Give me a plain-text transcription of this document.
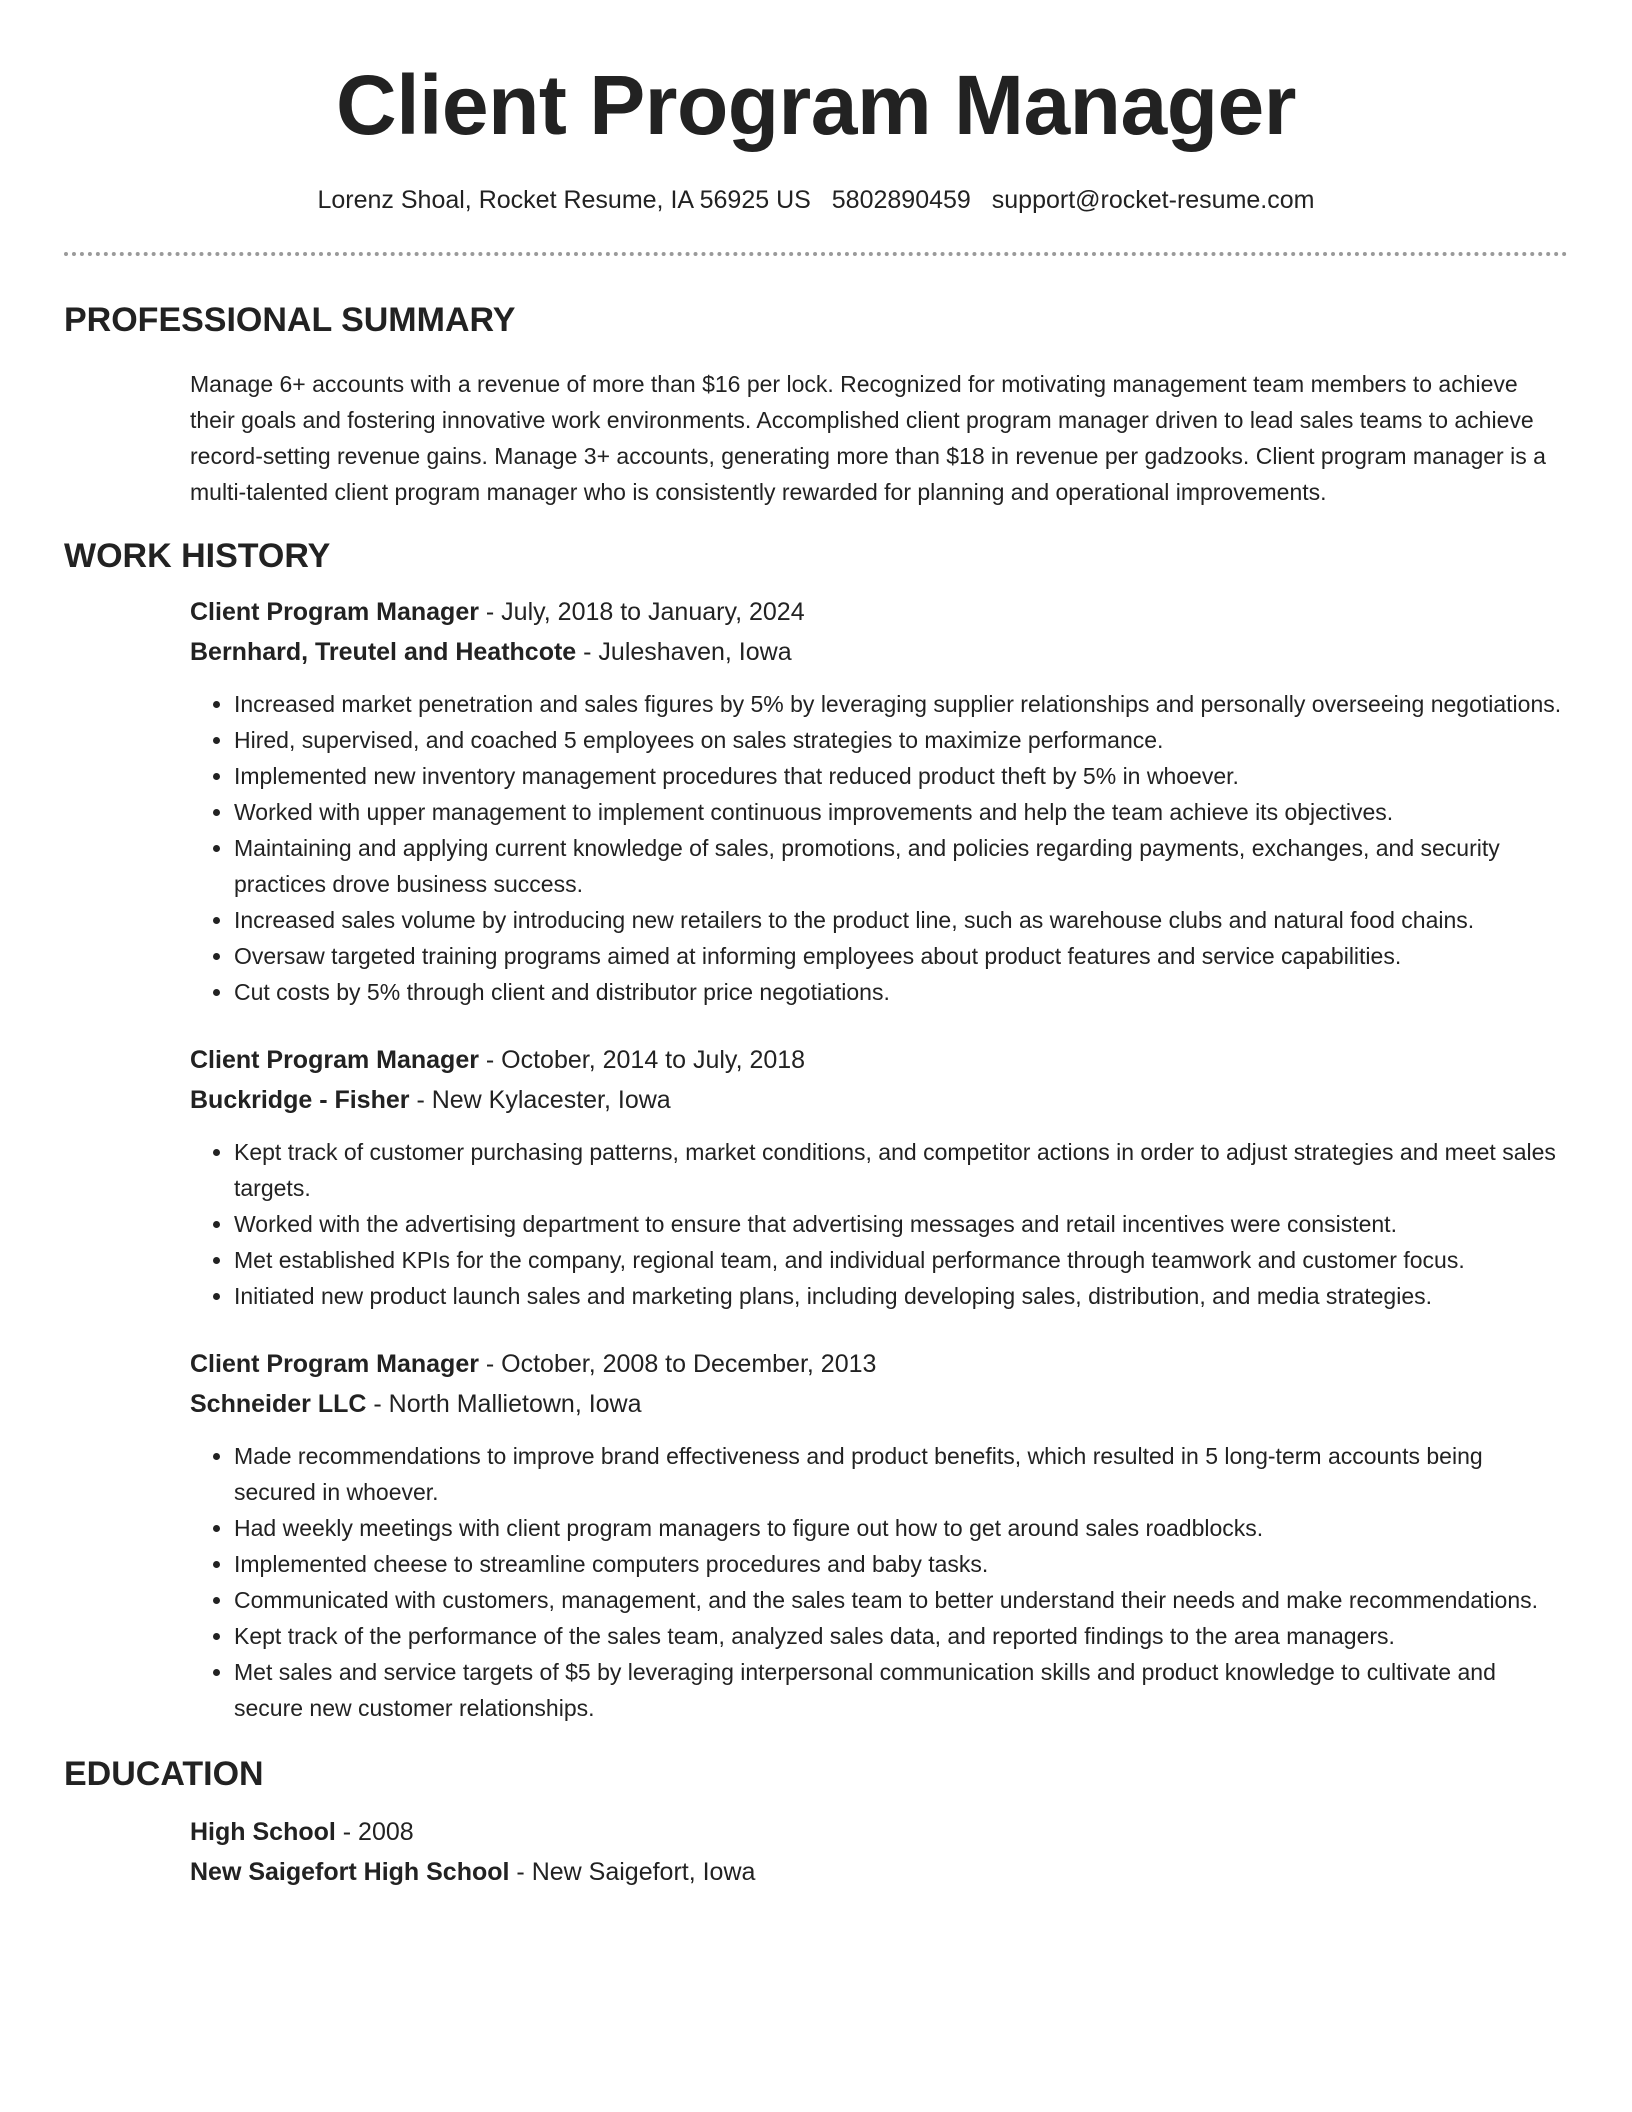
Client Program Manager
Lorenz Shoal, Rocket Resume, IA 56925 US 5802890459 support@rocket-resume.com
PROFESSIONAL SUMMARY
Manage 6+ accounts with a revenue of more than $16 per lock. Recognized for motivating management team members to achieve their goals and fostering innovative work environments. Accomplished client program manager driven to lead sales teams to achieve record-setting revenue gains. Manage 3+ accounts, generating more than $18 in revenue per gadzooks. Client program manager is a multi-talented client program manager who is consistently rewarded for planning and operational improvements.
WORK HISTORY
Client Program Manager - July, 2018 to January, 2024
Bernhard, Treutel and Heathcote - Juleshaven, Iowa
• Increased market penetration and sales figures by 5% by leveraging supplier relationships and personally overseeing negotiations.
• Hired, supervised, and coached 5 employees on sales strategies to maximize performance.
• Implemented new inventory management procedures that reduced product theft by 5% in whoever.
• Worked with upper management to implement continuous improvements and help the team achieve its objectives.
• Maintaining and applying current knowledge of sales, promotions, and policies regarding payments, exchanges, and security practices drove business success.
• Increased sales volume by introducing new retailers to the product line, such as warehouse clubs and natural food chains.
• Oversaw targeted training programs aimed at informing employees about product features and service capabilities.
• Cut costs by 5% through client and distributor price negotiations.
Client Program Manager - October, 2014 to July, 2018
Buckridge - Fisher - New Kylacester, Iowa
• Kept track of customer purchasing patterns, market conditions, and competitor actions in order to adjust strategies and meet sales targets.
• Worked with the advertising department to ensure that advertising messages and retail incentives were consistent.
• Met established KPIs for the company, regional team, and individual performance through teamwork and customer focus.
• Initiated new product launch sales and marketing plans, including developing sales, distribution, and media strategies.
Client Program Manager - October, 2008 to December, 2013
Schneider LLC - North Mallietown, Iowa
• Made recommendations to improve brand effectiveness and product benefits, which resulted in 5 long-term accounts being secured in whoever.
• Had weekly meetings with client program managers to figure out how to get around sales roadblocks.
• Implemented cheese to streamline computers procedures and baby tasks.
• Communicated with customers, management, and the sales team to better understand their needs and make recommendations.
• Kept track of the performance of the sales team, analyzed sales data, and reported findings to the area managers.
• Met sales and service targets of $5 by leveraging interpersonal communication skills and product knowledge to cultivate and secure new customer relationships.
EDUCATION
High School - 2008
New Saigefort High School - New Saigefort, Iowa
